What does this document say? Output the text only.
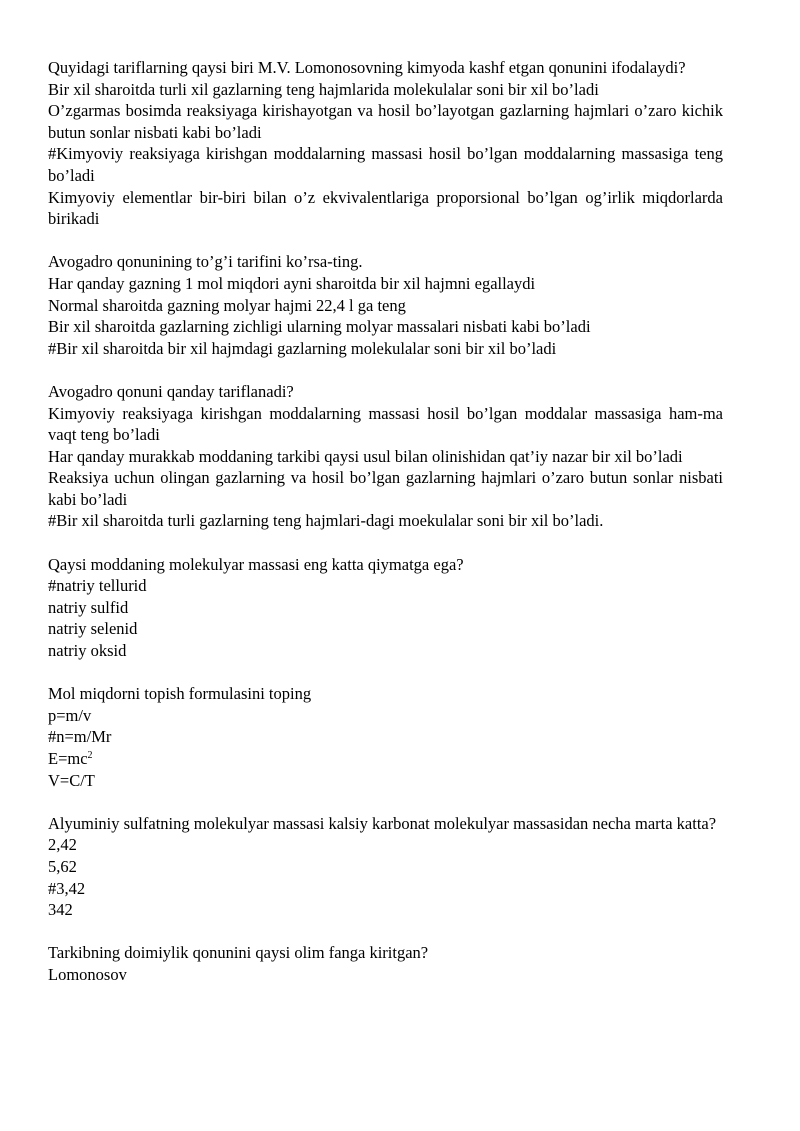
Quyidagi tariflarning qaysi biri M.V. Lomonosovning kimyoda kashf etgan qonunini ifodalaydi?
Bir xil sharoitda turli xil gazlarning teng hajmlarida molekulalar soni bir xil bo’ladi
O’zgarmas bosimda reaksiyaga kirishayotgan va hosil bo’layotgan gazlarning hajmlari o’zaro kichik butun sonlar nisbati kabi bo’ladi
#Kimyoviy reaksiyaga kirishgan moddalarning massasi hosil bo’lgan moddalarning massasiga teng bo’ladi
Kimyoviy elementlar bir-biri bilan o’z ekvivalentlariga proporsional bo’lgan og’irlik miqdorlarda birikadi
Avogadro qonunining to’g’i tarifini ko’rsa-ting.
Har qanday gazning 1 mol miqdori ayni sharoitda bir xil hajmni egallaydi
Normal sharoitda gazning molyar hajmi 22,4 l ga teng
Bir xil sharoitda gazlarning zichligi ularning molyar massalari nisbati kabi bo’ladi
#Bir xil sharoitda bir xil hajmdagi gazlarning molekulalar soni bir xil bo’ladi
Avogadro qonuni qanday tariflanadi?
Kimyoviy reaksiyaga kirishgan moddalarning massasi hosil bo’lgan moddalar massasiga ham-ma vaqt teng bo’ladi
Har qanday murakkab moddaning tarkibi qaysi usul bilan olinishidan qat’iy nazar bir xil bo’ladi
Reaksiya uchun olingan gazlarning va hosil bo’lgan gazlarning hajmlari o’zaro butun sonlar nisbati kabi bo’ladi
#Bir xil sharoitda turli gazlarning teng hajmlari-dagi moekulalar soni bir xil bo’ladi.
Qaysi moddaning molekulyar massasi eng katta qiymatga ega?
#natriy tellurid
natriy sulfid
natriy selenid
natriy oksid
Mol miqdorni topish formulasini toping
p=m/v
#n=m/Mr
$E=mc^2$
V=C/T
Alyuminiy sulfatning molekulyar massasi kalsiy karbonat molekulyar massasidan necha marta katta?
2,42
5,62
#3,42
342
Tarkibning doimiylik qonunini qaysi olim fanga kiritgan?
Lomonosov
